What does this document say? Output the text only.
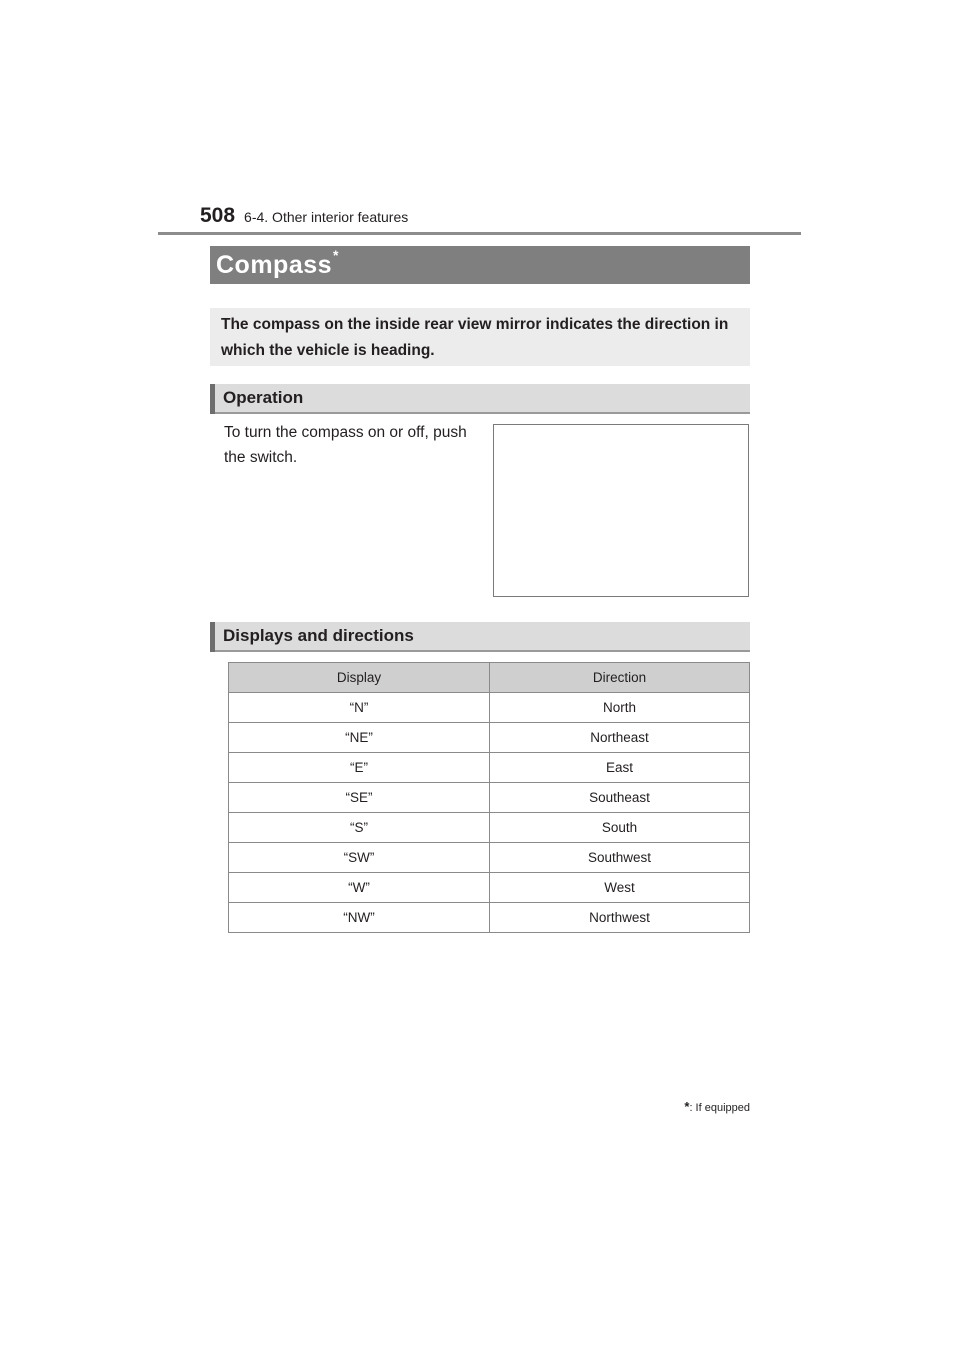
508 6-4. Other interior features
Compass *
The compass on the inside rear view mirror indicates the direction in which the vehicle is heading.
Operation
To turn the compass on or off, push the switch.
Displays and directions
Display	Direction
“N”	North
“NE”	Northeast
“E”	East
“SE”	Southeast
“S”	South
“SW”	Southwest
“W”	West
“NW”	Northwest
*: If equipped
